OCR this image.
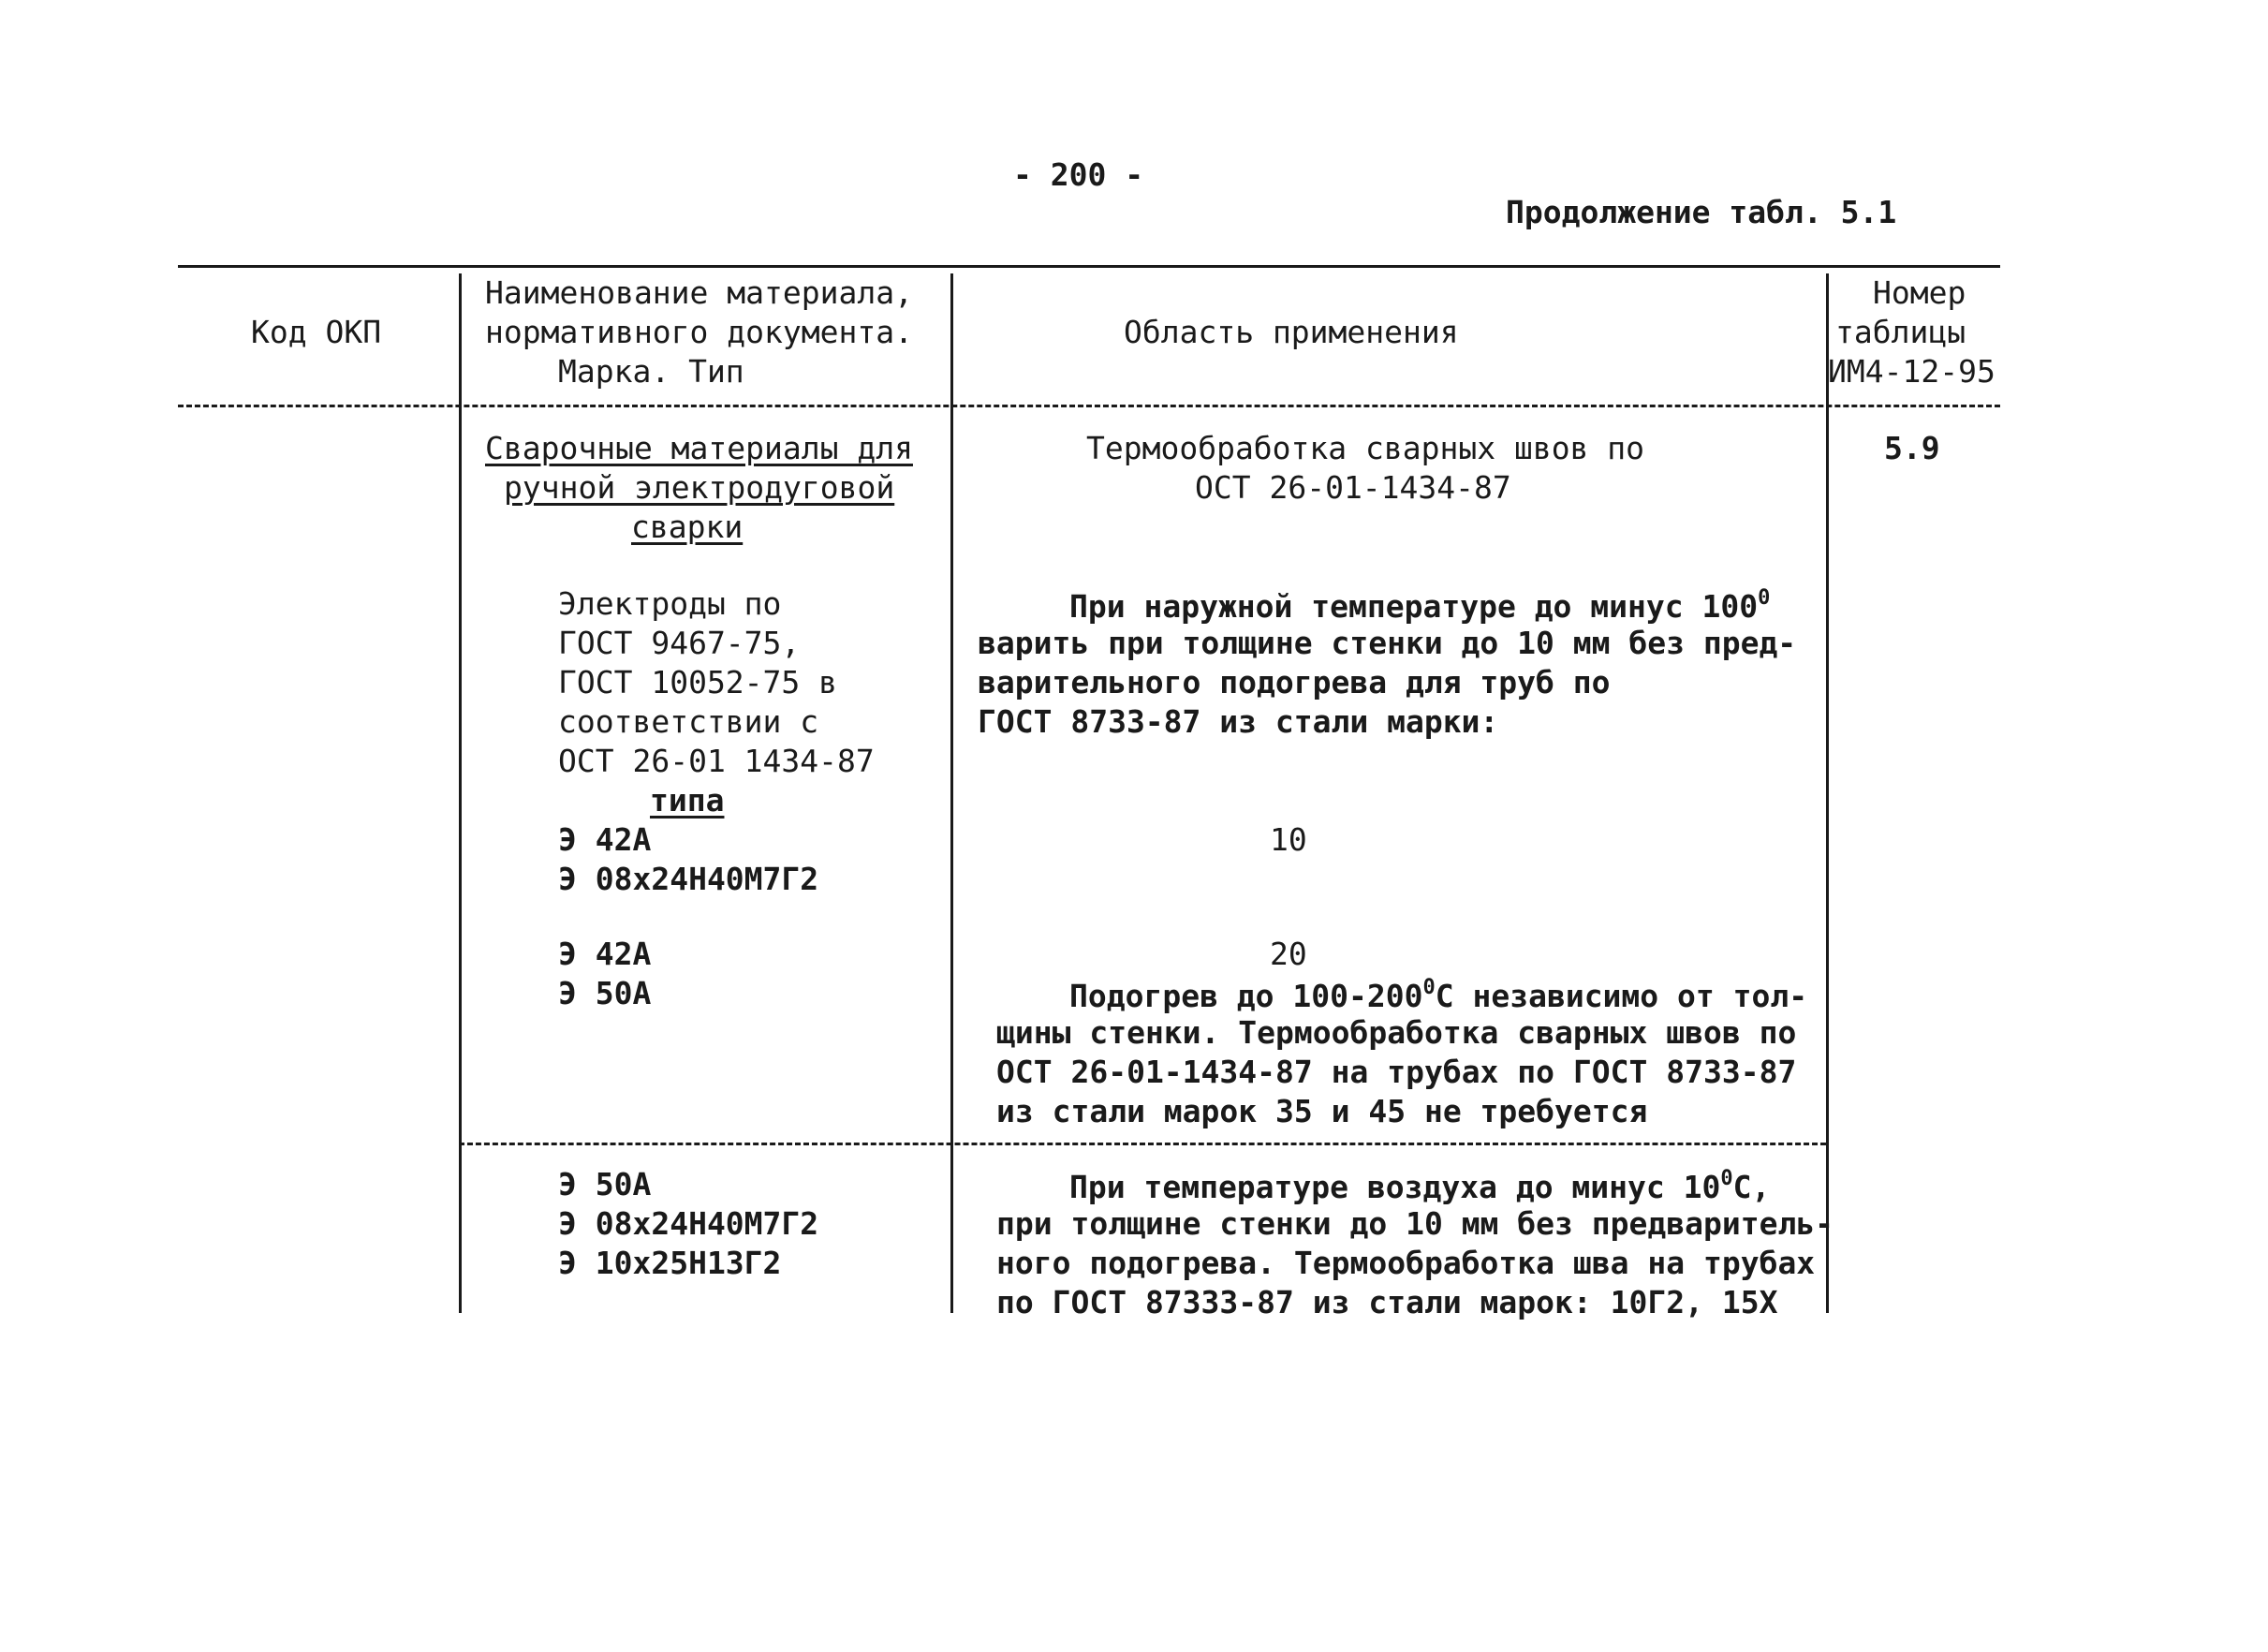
- 200 -
Продолжение табл. 5.1
Код ОКП
Наименование материала,
нормативного документа.
Марка. Тип
Область применения
Номер
таблицы
ИМ4-12-95
Сварочные материалы для
ручной электродуговой
сварки
Электроды по
ГОСТ 9467-75,
ГОСТ 10052-75 в
соответствии с
ОСТ 26-01 1434-87
типа
Э 42А
Э 08х24Н40М7Г2
Э 42А
Э 50А
Термообработка сварных швов по
ОСТ 26-01-1434-87
При наружной температуре до минус $100^0$
варить при толщине стенки до 10 мм без пред-
варительного подогрева для труб по
ГОСТ 8733-87 из стали марки:
10
20
Подогрев до $100-200^0С$ независимо от тол-
щины стенки. Термообработка сварных швов по
ОСТ 26-01-1434-87 на трубах по ГОСТ 8733-87
из стали марок 35 и 45 не требуется
5.9
Э 50А
Э 08х24Н40М7Г2
Э 10х25Н13Г2
При температуре воздуха до минус $10^0С$,
при толщине стенки до 10 мм без предваритель-
ного подогрева. Термообработка шва на трубах
по ГОСТ 87333-87 из стали марок: 10Г2, 15Х
